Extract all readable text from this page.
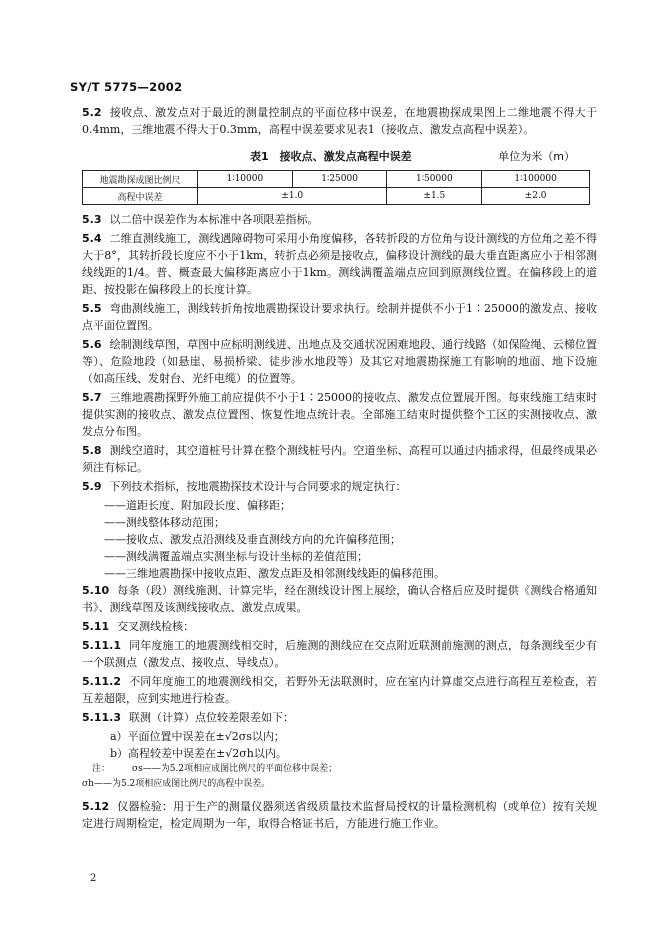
SY/T 5775—2002

5.2 接收点、激发点对于最近的测量控制点的平面位移中误差，在地震勘探成果图上二维地震不得大于0.4mm，三维地震不得大于0.3mm，高程中误差要求见表1（接收点、激发点高程中误差）。

表1　接收点、激发点高程中误差	单位为米（m）
地震勘探成图比例尺	1∶10000	1∶25000	1∶50000	1∶100000
高程中误差	±1.0		±1.5	±2.0

5.3 以二倍中误差作为本标准中各项限差指标。

5.4 二维直测线施工，测线遇障碍物可采用小角度偏移，各转折段的方位角与设计测线的方位角之差不得大于8°，其转折段长度应不小于1km，转折点必须是接收点，偏移设计测线的最大垂直距离应小于相邻测线线距的1/4。普、概查最大偏移距离应小于1km。测线满覆盖端点应回到原测线位置。在偏移段上的道距、按投影在偏移段上的长度计算。

5.5 弯曲测线施工，测线转折角按地震勘探设计要求执行。绘制并提供不小于1∶25000的激发点、接收点平面位置图。

5.6 绘制测线草图，草图中应标明测线进、出地点及交通状况困难地段、通行线路（如保险绳、云梯位置等）、危险地段（如悬崖、易损桥梁、徒步涉水地段等）及其它对地震勘探施工有影响的地面、地下设施（如高压线、发射台、光纤电缆）的位置等。

5.7 三维地震勘探野外施工前应提供不小于1∶25000的接收点、激发点位置展开图。每束线施工结束时提供实测的接收点、激发点位置图、恢复性地点统计表。全部施工结束时提供整个工区的实测接收点、激发点分布图。

5.8 测线空道时，其空道桩号计算在整个测线桩号内。空道坐标、高程可以通过内插求得，但最终成果必须注有标记。

5.9 下列技术指标，按地震勘探技术设计与合同要求的规定执行：

——道距长度、附加段长度、偏移距；

——测线整体移动范围；

——接收点、激发点沿测线及垂直测线方向的允许偏移范围；

——测线满覆盖端点实测坐标与设计坐标的差值范围；

——三维地震勘探中接收点距、激发点距及相邻测线线距的偏移范围。

5.10 每条（段）测线施测、计算完毕，经在测线设计图上展绘，确认合格后应及时提供《测线合格通知书》、测线草图及该测线接收点、激发点成果。

5.11 交叉测线检核：

5.11.1 同年度施工的地震测线相交时，后施测的测线应在交点附近联测前施测的测点，每条测线至少有一个联测点（激发点、接收点、导线点）。

5.11.2 不同年度施工的地震测线相交，若野外无法联测时，应在室内计算虚交点进行高程互差检查，若互差超限，应到实地进行检查。

5.11.3 联测（计算）点位较差限差如下：

a）平面位置中误差在±√2σs以内；

b）高程较差中误差在±√2σh以内。

注： σs——为5.2项相应成图比例尺的平面位移中误差；

σh——为5.2项相应成图比例尺的高程中误差。

5.12 仪器检验：用于生产的测量仪器须送省级质量技术监督局授权的计量检测机构（或单位）按有关规定进行周期检定，检定周期为一年，取得合格证书后，方能进行施工作业。

2
